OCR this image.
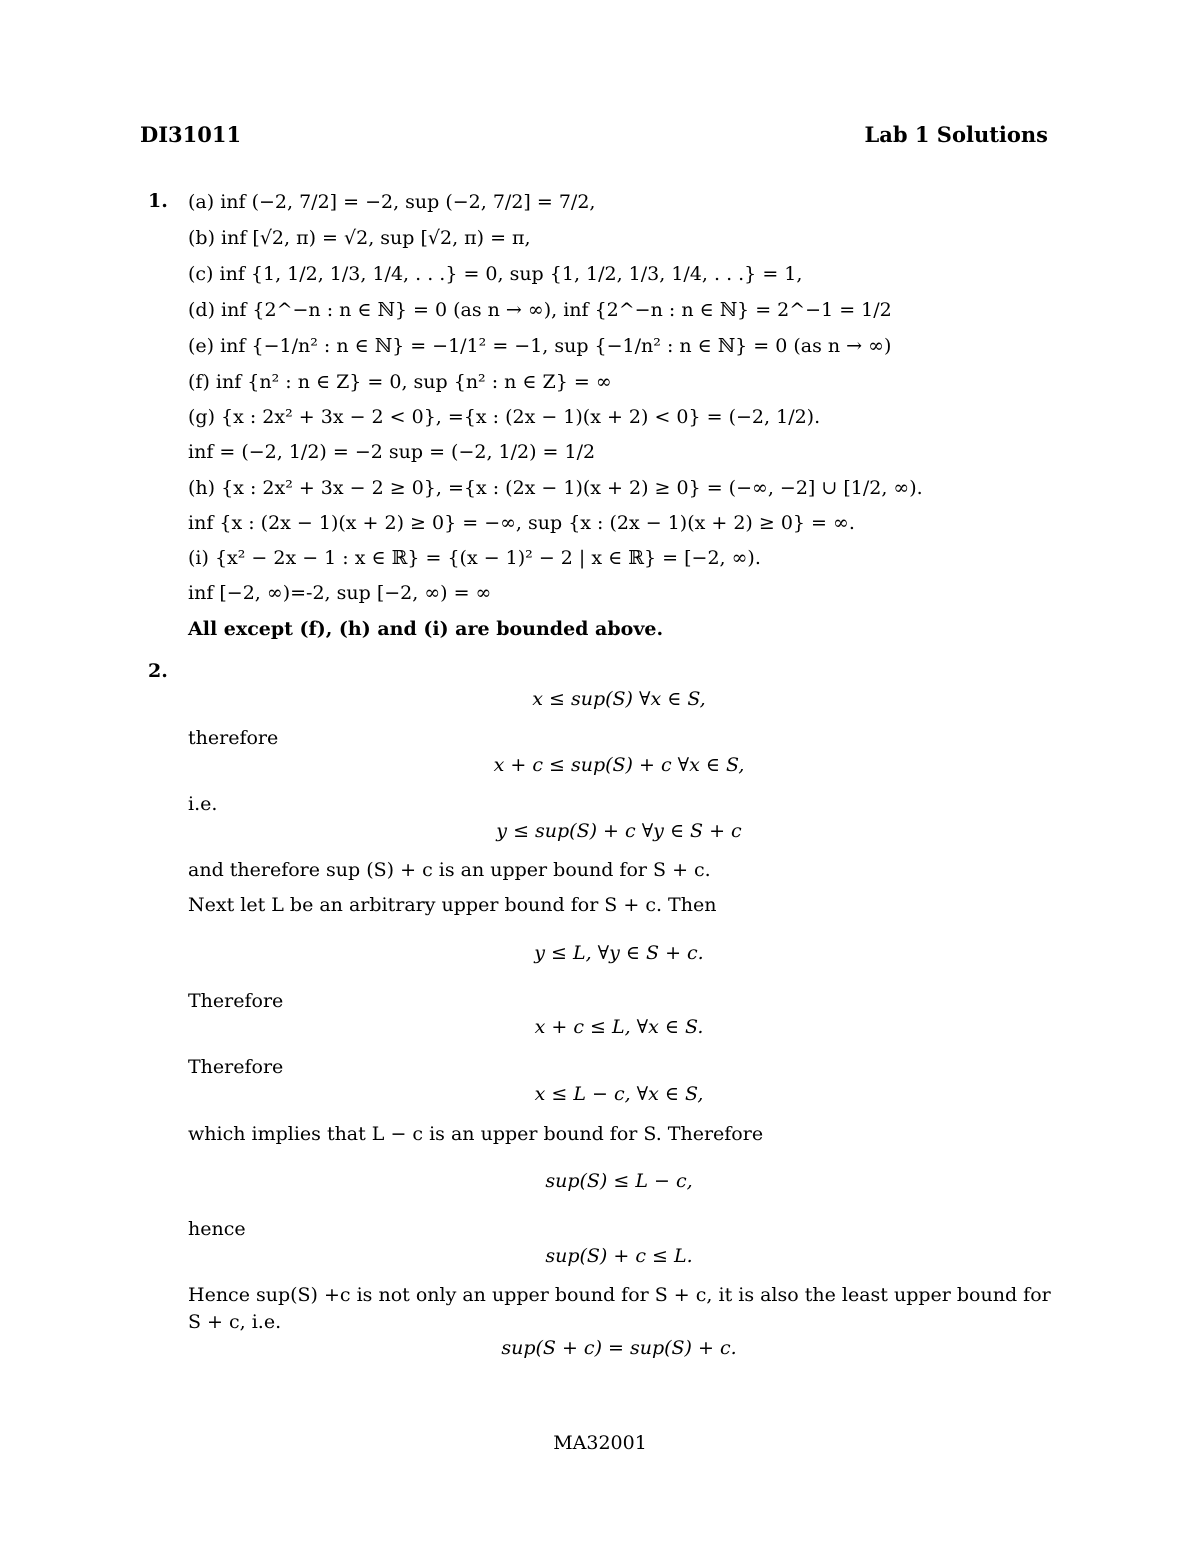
DI31011	Lab 1 Solutions
1. (a) inf (−2, 7/2] = −2, sup (−2, 7/2] = 7/2,
(b) inf [√2, π) = √2, sup [√2, π) = π,
(c) inf {1, 1/2, 1/3, 1/4, . . .} = 0, sup {1, 1/2, 1/3, 1/4, . . .} = 1,
(d) inf {2^−n : n ∈ ℕ} = 0 (as n → ∞), inf {2^−n : n ∈ ℕ} = 2^−1 = 1/2
(e) inf {−1/n² : n ∈ ℕ} = −1/1² = −1, sup {−1/n² : n ∈ ℕ} = 0 (as n → ∞)
(f) inf {n² : n ∈ Z} = 0, sup {n² : n ∈ Z} = ∞
(g) {x : 2x² + 3x − 2 < 0}, ={x : (2x − 1)(x + 2) < 0} = (−2, 1/2).
inf = (−2, 1/2) = −2 sup = (−2, 1/2) = 1/2
(h) {x : 2x² + 3x − 2 ≥ 0}, ={x : (2x − 1)(x + 2) ≥ 0} = (−∞, −2] ∪ [1/2, ∞).
inf {x : (2x − 1)(x + 2) ≥ 0} = −∞, sup {x : (2x − 1)(x + 2) ≥ 0} = ∞.
(i) {x² − 2x − 1 : x ∈ ℝ} = {(x − 1)² − 2 | x ∈ ℝ} = [−2, ∞).
inf [−2, ∞)=-2, sup [−2, ∞) = ∞
All except (f), (h) and (i) are bounded above.
2.
x ≤ sup(S) ∀x ∈ S,
therefore
x + c ≤ sup(S) + c ∀x ∈ S,
i.e.
y ≤ sup(S) + c ∀y ∈ S + c
and therefore sup (S) + c is an upper bound for S + c.
Next let L be an arbitrary upper bound for S + c. Then
y ≤ L, ∀y ∈ S + c.
Therefore
x + c ≤ L, ∀x ∈ S.
Therefore
x ≤ L − c, ∀x ∈ S,
which implies that L − c is an upper bound for S. Therefore
sup(S) ≤ L − c,
hence
sup(S) + c ≤ L.
Hence sup(S) +c is not only an upper bound for S + c, it is also the least upper bound for
S + c, i.e.
sup(S + c) = sup(S) + c.
MA32001
